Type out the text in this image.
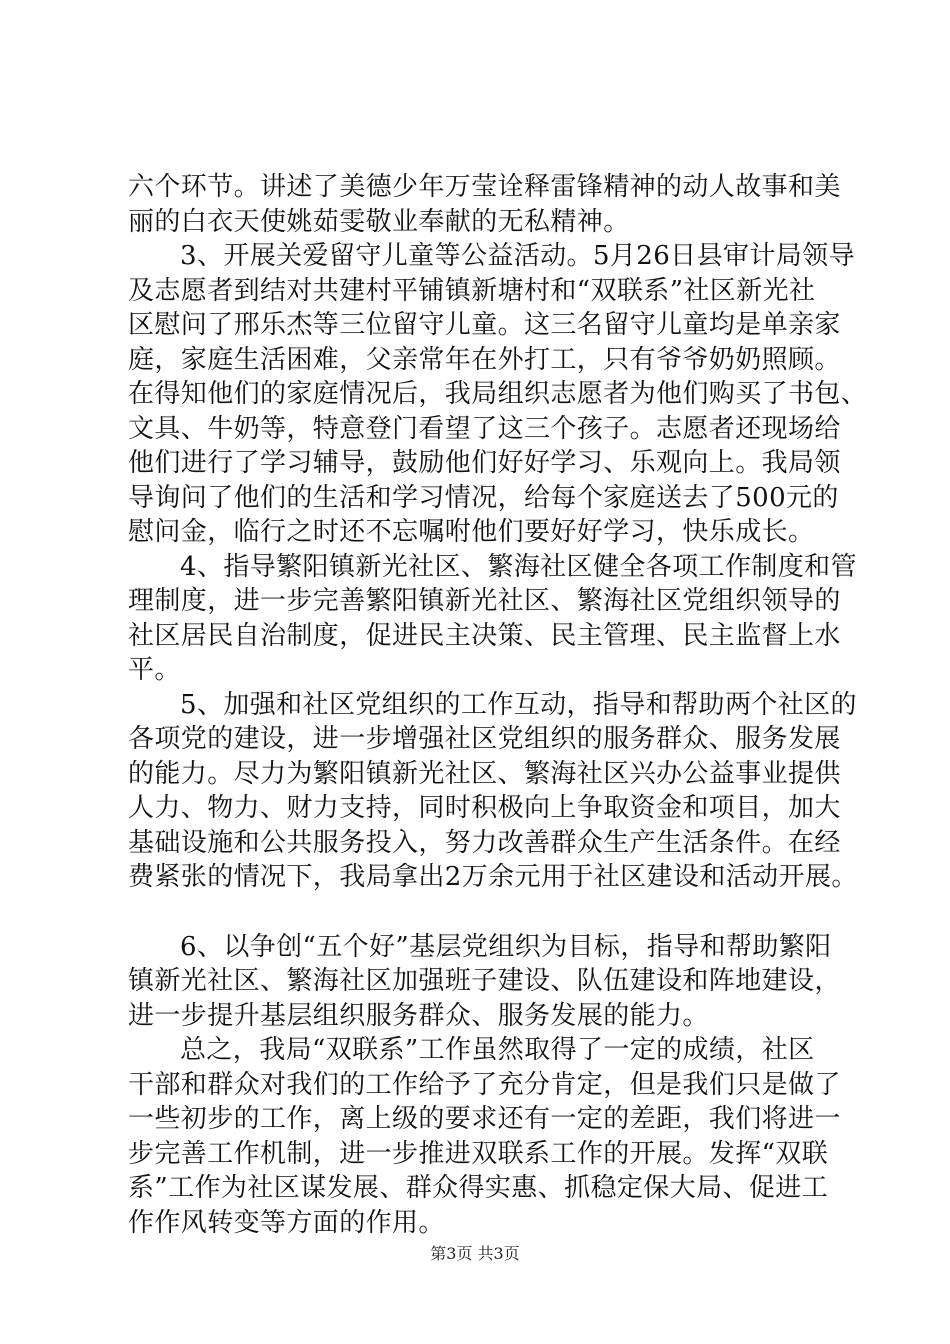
六个环节。讲述了美德少年万莹诠释雷锋精神的动人故事和美
丽的白衣天使姚茹雯敬业奉献的无私精神。
3、开展关爱留守儿童等公益活动。5月26日县审计局领导
及志愿者到结对共建村平铺镇新塘村和“双联系”社区新光社
区慰问了邢乐杰等三位留守儿童。这三名留守儿童均是单亲家
庭，家庭生活困难，父亲常年在外打工，只有爷爷奶奶照顾。
在得知他们的家庭情况后，我局组织志愿者为他们购买了书包、
文具、牛奶等，特意登门看望了这三个孩子。志愿者还现场给
他们进行了学习辅导，鼓励他们好好学习、乐观向上。我局领
导询问了他们的生活和学习情况，给每个家庭送去了500元的
慰问金，临行之时还不忘嘱咐他们要好好学习，快乐成长。
4、指导繁阳镇新光社区、繁海社区健全各项工作制度和管
理制度，进一步完善繁阳镇新光社区、繁海社区党组织领导的
社区居民自治制度，促进民主决策、民主管理、民主监督上水
平。
5、加强和社区党组织的工作互动，指导和帮助两个社区的
各项党的建设，进一步增强社区党组织的服务群众、服务发展
的能力。尽力为繁阳镇新光社区、繁海社区兴办公益事业提供
人力、物力、财力支持，同时积极向上争取资金和项目，加大
基础设施和公共服务投入，努力改善群众生产生活条件。在经
费紧张的情况下，我局拿出2万余元用于社区建设和活动开展。
6、以争创“五个好”基层党组织为目标，指导和帮助繁阳
镇新光社区、繁海社区加强班子建设、队伍建设和阵地建设，
进一步提升基层组织服务群众、服务发展的能力。
总之，我局“双联系”工作虽然取得了一定的成绩，社区
干部和群众对我们的工作给予了充分肯定，但是我们只是做了
一些初步的工作，离上级的要求还有一定的差距，我们将进一
步完善工作机制，进一步推进双联系工作的开展。发挥“双联
系”工作为社区谋发展、群众得实惠、抓稳定保大局、促进工
作作风转变等方面的作用。
第3页 共3页
